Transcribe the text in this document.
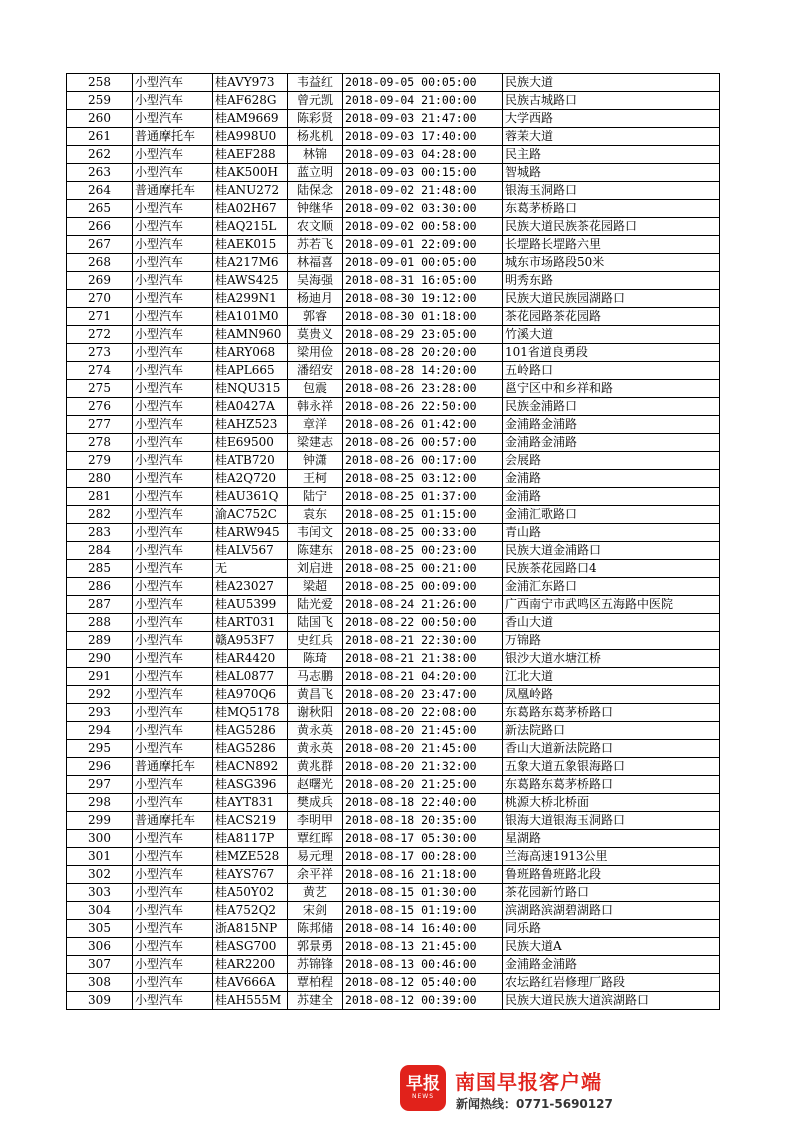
258	小型汽车	桂AVY973	韦益红	2018-09-05 00:05:00	民族大道
259	小型汽车	桂AF628G	曾元凯	2018-09-04 21:00:00	民族古城路口
260	小型汽车	桂AM9669	陈彩贤	2018-09-03 21:47:00	大学西路
261	普通摩托车	桂A998U0	杨兆机	2018-09-03 17:40:00	蓉茉大道
262	小型汽车	桂AEF288	林锦	2018-09-03 04:28:00	民主路
263	小型汽车	桂AK500H	蓝立明	2018-09-03 00:15:00	智城路
264	普通摩托车	桂ANU272	陆保念	2018-09-02 21:48:00	银海玉洞路口
265	小型汽车	桂A02H67	钟继华	2018-09-02 03:30:00	东葛茅桥路口
266	小型汽车	桂AQ215L	农文顺	2018-09-02 00:58:00	民族大道民族茶花园路口
267	小型汽车	桂AEK015	苏若飞	2018-09-01 22:09:00	长堽路长堽路六里
268	小型汽车	桂A217M6	林福喜	2018-09-01 00:05:00	城东市场路段50米
269	小型汽车	桂AWS425	吴海强	2018-08-31 16:05:00	明秀东路
270	小型汽车	桂A299N1	杨迪月	2018-08-30 19:12:00	民族大道民族园湖路口
271	小型汽车	桂A101M0	郭睿	2018-08-30 01:18:00	茶花园路茶花园路
272	小型汽车	桂AMN960	莫贵义	2018-08-29 23:05:00	竹溪大道
273	小型汽车	桂ARY068	梁用俭	2018-08-28 20:20:00	101省道良勇段
274	小型汽车	桂APL665	潘绍安	2018-08-28 14:20:00	五岭路口
275	小型汽车	桂NQU315	包震	2018-08-26 23:28:00	邕宁区中和乡祥和路
276	小型汽车	桂A0427A	韩永祥	2018-08-26 22:50:00	民族金浦路口
277	小型汽车	桂AHZ523	章洋	2018-08-26 01:42:00	金浦路金浦路
278	小型汽车	桂E69500	梁建志	2018-08-26 00:57:00	金浦路金浦路
279	小型汽车	桂ATB720	钟潇	2018-08-26 00:17:00	会展路
280	小型汽车	桂A2Q720	王柯	2018-08-25 03:12:00	金浦路
281	小型汽车	桂AU361Q	陆宁	2018-08-25 01:37:00	金浦路
282	小型汽车	渝AC752C	袁东	2018-08-25 01:15:00	金浦汇歌路口
283	小型汽车	桂ARW945	韦闰文	2018-08-25 00:33:00	青山路
284	小型汽车	桂ALV567	陈建东	2018-08-25 00:23:00	民族大道金浦路口
285	小型汽车	无	刘启进	2018-08-25 00:21:00	民族茶花园路口4
286	小型汽车	桂A23027	梁超	2018-08-25 00:09:00	金浦汇东路口
287	小型汽车	桂AU5399	陆光爱	2018-08-24 21:26:00	广西南宁市武鸣区五海路中医院
288	小型汽车	桂ART031	陆国飞	2018-08-22 00:50:00	香山大道
289	小型汽车	赣A953F7	史红兵	2018-08-21 22:30:00	万锦路
290	小型汽车	桂AR4420	陈琦	2018-08-21 21:38:00	银沙大道水塘江桥
291	小型汽车	桂AL0877	马志鹏	2018-08-21 04:20:00	江北大道
292	小型汽车	桂A970Q6	黄昌飞	2018-08-20 23:47:00	凤凰岭路
293	小型汽车	桂MQ5178	谢秋阳	2018-08-20 22:08:00	东葛路东葛茅桥路口
294	小型汽车	桂AG5286	黄永英	2018-08-20 21:45:00	新法院路口
295	小型汽车	桂AG5286	黄永英	2018-08-20 21:45:00	香山大道新法院路口
296	普通摩托车	桂ACN892	黄兆群	2018-08-20 21:32:00	五象大道五象银海路口
297	小型汽车	桂ASG396	赵曙光	2018-08-20 21:25:00	东葛路东葛茅桥路口
298	小型汽车	桂AYT831	樊成兵	2018-08-18 22:40:00	桃源大桥北桥面
299	普通摩托车	桂ACS219	李明甲	2018-08-18 20:35:00	银海大道银海玉洞路口
300	小型汽车	桂A8117P	覃红晖	2018-08-17 05:30:00	星湖路
301	小型汽车	桂MZE528	易元理	2018-08-17 00:28:00	兰海高速1913公里
302	小型汽车	桂AYS767	余平祥	2018-08-16 21:18:00	鲁班路鲁班路北段
303	小型汽车	桂A50Y02	黄艺	2018-08-15 01:30:00	茶花园新竹路口
304	小型汽车	桂A752Q2	宋剑	2018-08-15 01:19:00	滨湖路滨湖碧湖路口
305	小型汽车	浙A815NP	陈邦储	2018-08-14 16:40:00	同乐路
306	小型汽车	桂ASG700	郭景勇	2018-08-13 21:45:00	民族大道A
307	小型汽车	桂AR2200	苏锦锋	2018-08-13 00:46:00	金浦路金浦路
308	小型汽车	桂AV666A	覃柏程	2018-08-12 05:40:00	农坛路红岩修理厂路段
309	小型汽车	桂AH555M	苏建全	2018-08-12 00:39:00	民族大道民族大道滨湖路口
早报
NEWS
南国早报客户端
新闻热线：0771-5690127
